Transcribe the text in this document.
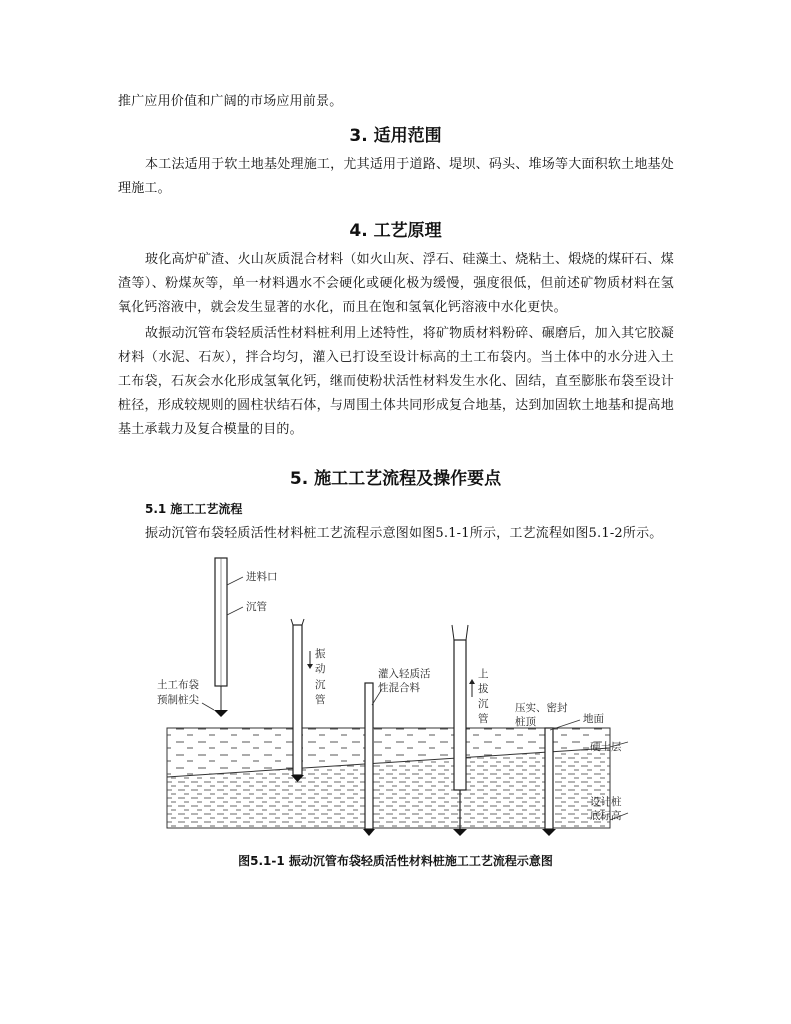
推广应用价值和广阔的市场应用前景。

3. 适用范围

本工法适用于软土地基处理施工，尤其适用于道路、堤坝、码头、堆场等大面积软土地基处理施工。

4. 工艺原理

玻化高炉矿渣、火山灰质混合材料（如火山灰、浮石、硅藻土、烧粘土、煅烧的煤矸石、煤渣等）、粉煤灰等，单一材料遇水不会硬化或硬化极为缓慢，强度很低，但前述矿物质材料在氢氧化钙溶液中，就会发生显著的水化，而且在饱和氢氧化钙溶液中水化更快。

故振动沉管布袋轻质活性材料桩利用上述特性，将矿物质材料粉碎、碾磨后，加入其它胶凝材料（水泥、石灰），拌合均匀，灌入已打设至设计标高的土工布袋内。当土体中的水分进入土工布袋，石灰会水化形成氢氧化钙，继而使粉状活性材料发生水化、固结，直至膨胀布袋至设计桩径，形成较规则的圆柱状结石体，与周围土体共同形成复合地基，达到加固软土地基和提高地基土承载力及复合模量的目的。

5. 施工工艺流程及操作要点
5.1 施工工艺流程

振动沉管布袋轻质活性材料桩工艺流程示意图如图5.1-1所示，工艺流程如图5.1-2所示。

进料口
沉管
土工布袋
预制桩尖
振
动
沉
管
灌入轻质活
性混合料
上
拔
沉
管
压实、密封
桩顶	地面
硬土层
设计桩
底标高

图5.1-1 振动沉管布袋轻质活性材料桩施工工艺流程示意图
